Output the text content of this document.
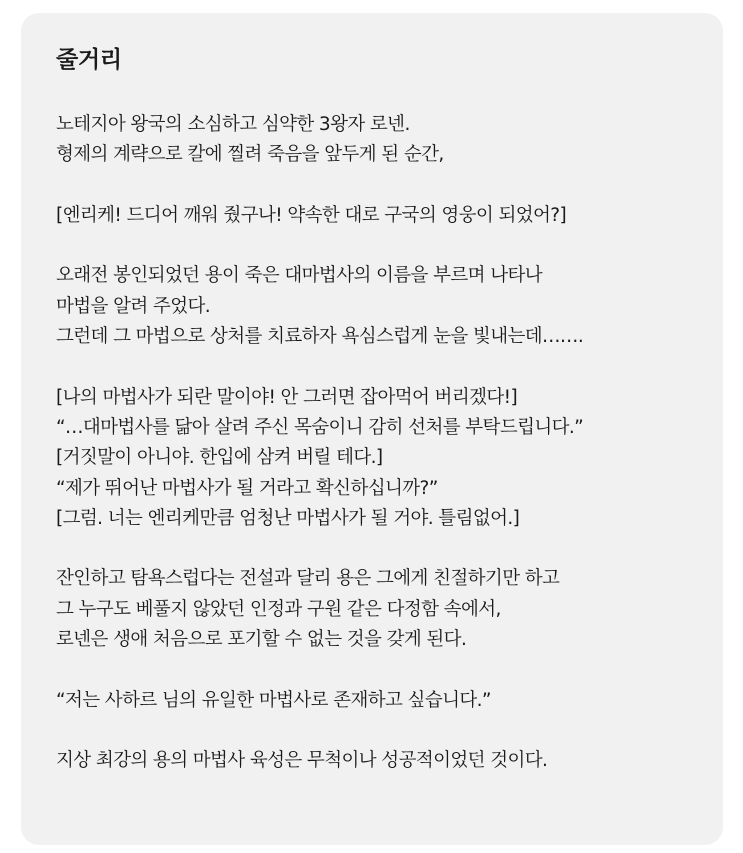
줄거리
노테지아 왕국의 소심하고 심약한 3왕자 로넨.
형제의 계략으로 칼에 찔려 죽음을 앞두게 된 순간,
[엔리케! 드디어 깨워 줬구나! 약속한 대로 구국의 영웅이 되었어?]
오래전 봉인되었던 용이 죽은 대마법사의 이름을 부르며 나타나
마법을 알려 주었다.
그런데 그 마법으로 상처를 치료하자 욕심스럽게 눈을 빛내는데…….
[나의 마법사가 되란 말이야! 안 그러면 잡아먹어 버리겠다!]
“…대마법사를 닮아 살려 주신 목숨이니 감히 선처를 부탁드립니다.”
[거짓말이 아니야. 한입에 삼켜 버릴 테다.]
“제가 뛰어난 마법사가 될 거라고 확신하십니까?”
[그럼. 너는 엔리케만큼 엄청난 마법사가 될 거야. 틀림없어.]
잔인하고 탐욕스럽다는 전설과 달리 용은 그에게 친절하기만 하고
그 누구도 베풀지 않았던 인정과 구원 같은 다정함 속에서,
로넨은 생애 처음으로 포기할 수 없는 것을 갖게 된다.
“저는 사하르 님의 유일한 마법사로 존재하고 싶습니다.”
지상 최강의 용의 마법사 육성은 무척이나 성공적이었던 것이다.
